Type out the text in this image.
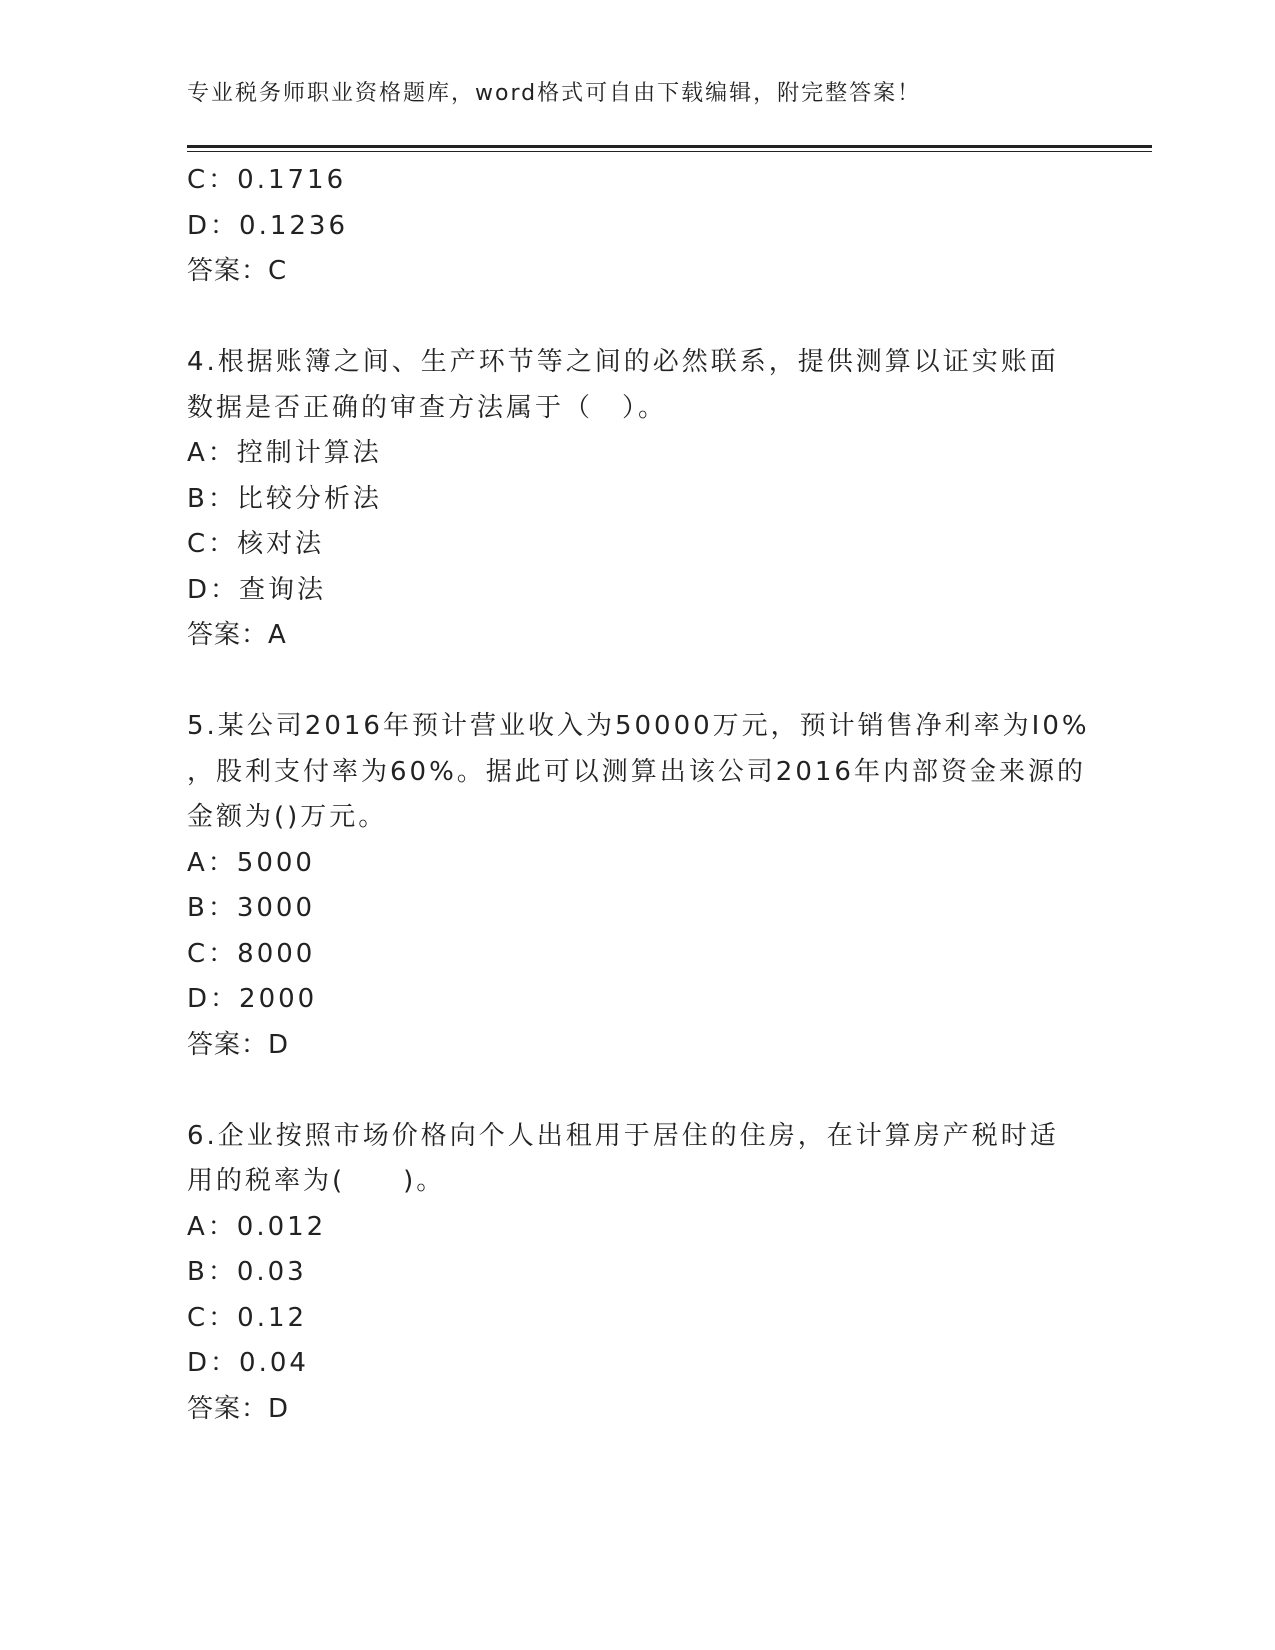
专业税务师职业资格题库，word格式可自由下载编辑，附完整答案！
C：0.1716
D：0.1236
答案：C
4.根据账簿之间、生产环节等之间的必然联系，提供测算以证实账面
数据是否正确的审查方法属于（　）。
A：控制计算法
B：比较分析法
C：核对法
D：查询法
答案：A
5.某公司2016年预计营业收入为50000万元，预计销售净利率为I0%
，股利支付率为60%。据此可以测算出该公司2016年内部资金来源的
金额为()万元。
A：5000
B：3000
C：8000
D：2000
答案：D
6.企业按照市场价格向个人出租用于居住的住房，在计算房产税时适
用的税率为(　　)。
A：0.012
B：0.03
C：0.12
D：0.04
答案：D
